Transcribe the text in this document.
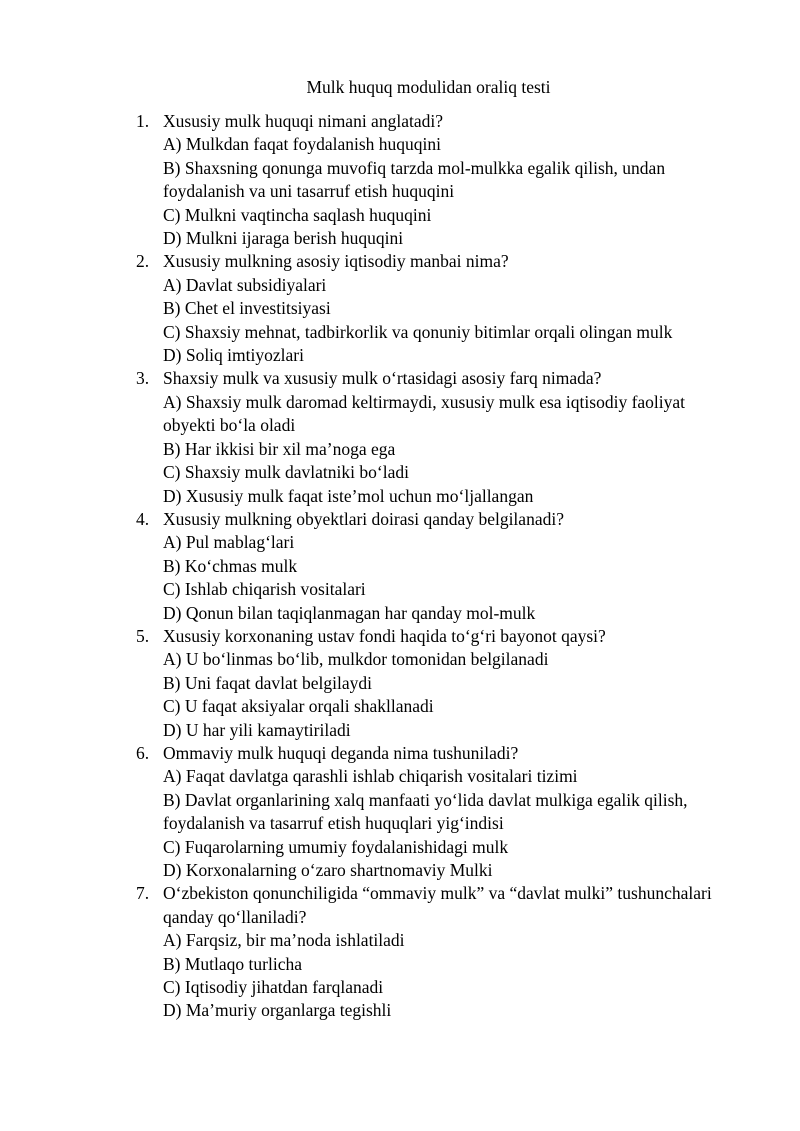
Mulk huquq modulidan oraliq testi
1. Xususiy mulk huquqi nimani anglatadi?
A) Mulkdan faqat foydalanish huquqini
B) Shaxsning qonunga muvofiq tarzda mol-mulkka egalik qilish, undan foydalanish va uni tasarruf etish huquqini
C) Mulkni vaqtincha saqlash huquqini
D) Mulkni ijaraga berish huquqini
2. Xususiy mulkning asosiy iqtisodiy manbai nima?
A) Davlat subsidiyalari
B) Chet el investitsiyasi
C) Shaxsiy mehnat, tadbirkorlik va qonuniy bitimlar orqali olingan mulk
D) Soliq imtiyozlari
3. Shaxsiy mulk va xususiy mulk oʻrtasidagi asosiy farq nimada?
A) Shaxsiy mulk daromad keltirmaydi, xususiy mulk esa iqtisodiy faoliyat obyekti boʻla oladi
B) Har ikkisi bir xil maʼnoga ega
C) Shaxsiy mulk davlatniki boʻladi
D) Xususiy mulk faqat isteʼmol uchun moʻljallangan
4. Xususiy mulkning obyektlari doirasi qanday belgilanadi?
A) Pul mablagʻlari
B) Koʻchmas mulk
C) Ishlab chiqarish vositalari
D) Qonun bilan taqiqlanmagan har qanday mol-mulk
5. Xususiy korxonaning ustav fondi haqida toʻgʻri bayonot qaysi?
A) U boʻlinmas boʻlib, mulkdor tomonidan belgilanadi
B) Uni faqat davlat belgilaydi
C) U faqat aksiyalar orqali shakllanadi
D) U har yili kamaytiriladi
6. Ommaviy mulk huquqi deganda nima tushuniladi?
A) Faqat davlatga qarashli ishlab chiqarish vositalari tizimi
B) Davlat organlarining xalq manfaati yoʻlida davlat mulkiga egalik qilish, foydalanish va tasarruf etish huquqlari yigʻindisi
C) Fuqarolarning umumiy foydalanishidagi mulk
D) Korxonalarning oʻzaro shartnomaviy Mulki
7. Oʻzbekiston qonunchiligida “ommaviy mulk” va “davlat mulki” tushunchalari qanday qoʻllaniladi?
A) Farqsiz, bir maʼnoda ishlatiladi
B) Mutlaqo turlicha
C) Iqtisodiy jihatdan farqlanadi
D) Maʼmuriy organlarga tegishli
